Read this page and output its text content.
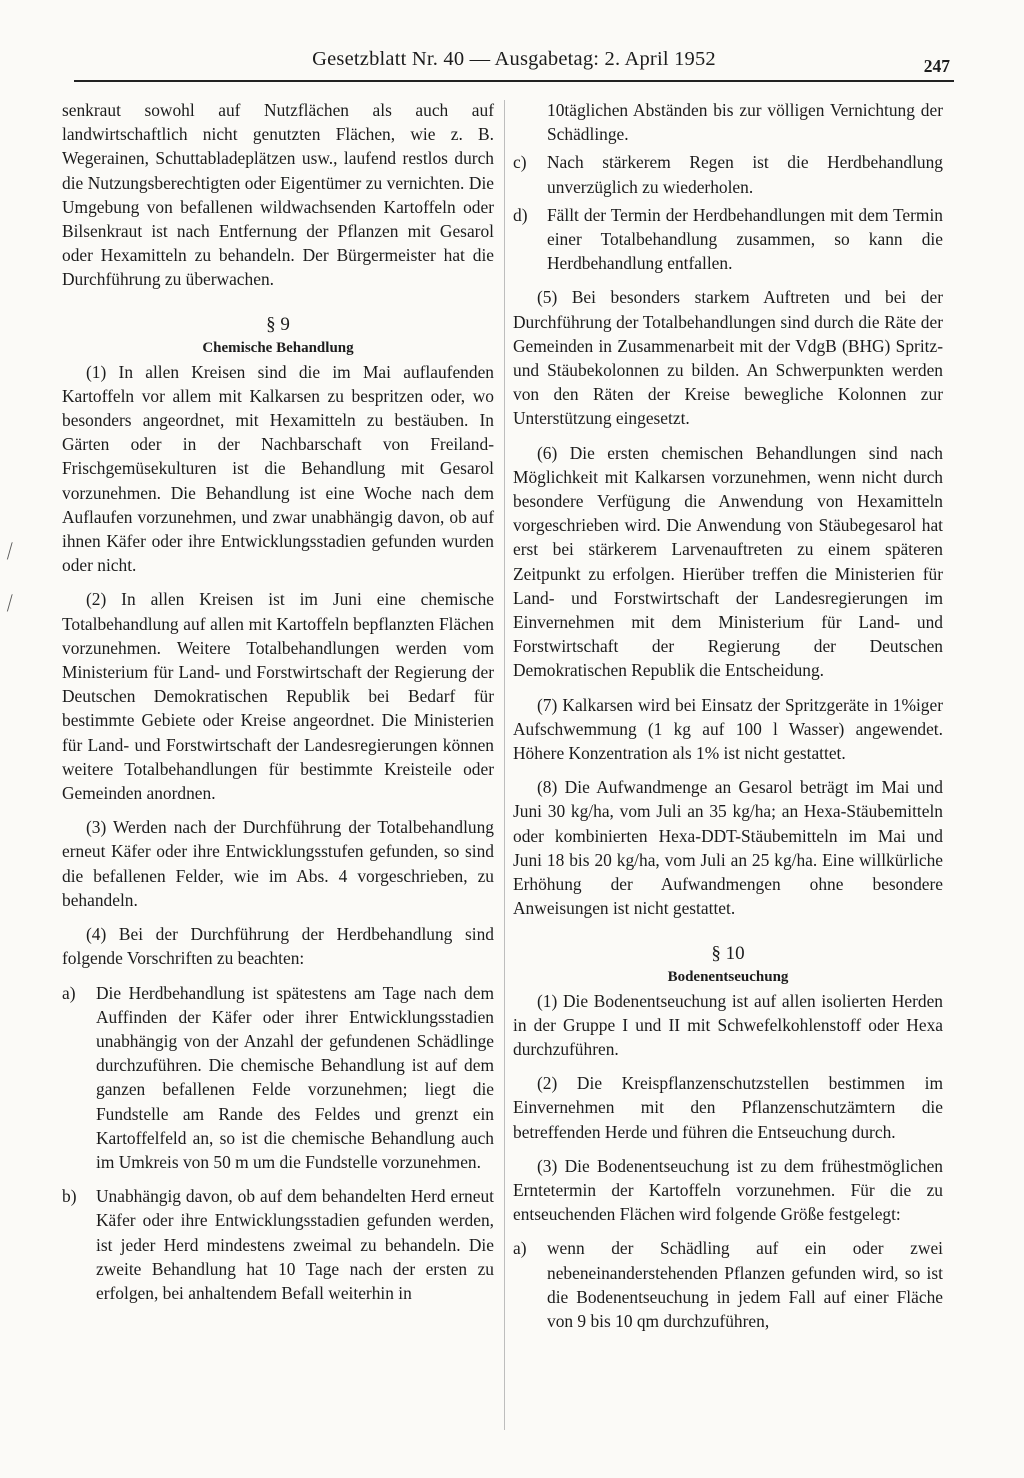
Gesetzblatt Nr. 40 — Ausgabetag: 2. April 1952	247
⁄
⁄

senkraut sowohl auf Nutzflächen als auch auf landwirtschaftlich nicht genutzten Flächen, wie z. B. Wegerainen, Schuttabladeplätzen usw., laufend restlos durch die Nutzungsberechtigten oder Eigentümer zu vernichten. Die Umgebung von befallenen wildwachsenden Kartoffeln oder Bilsenkraut ist nach Entfernung der Pflanzen mit Gesarol oder Hexamitteln zu behandeln. Der Bürgermeister hat die Durchführung zu überwachen.

§ 9
Chemische Behandlung

(1) In allen Kreisen sind die im Mai auflaufenden Kartoffeln vor allem mit Kalkarsen zu bespritzen oder, wo besonders angeordnet, mit Hexamitteln zu bestäuben. In Gärten oder in der Nachbarschaft von Freiland-Frischgemüsekulturen ist die Behandlung mit Gesarol vorzunehmen. Die Behandlung ist eine Woche nach dem Auflaufen vorzunehmen, und zwar unabhängig davon, ob auf ihnen Käfer oder ihre Entwicklungsstadien gefunden wurden oder nicht.

(2) In allen Kreisen ist im Juni eine chemische Totalbehandlung auf allen mit Kartoffeln bepflanzten Flächen vorzunehmen. Weitere Totalbehandlungen werden vom Ministerium für Land- und Forstwirtschaft der Regierung der Deutschen Demokratischen Republik bei Bedarf für bestimmte Gebiete oder Kreise angeordnet. Die Ministerien für Land- und Forstwirtschaft der Landesregierungen können weitere Totalbehandlungen für bestimmte Kreisteile oder Gemeinden anordnen.

(3) Werden nach der Durchführung der Totalbehandlung erneut Käfer oder ihre Entwicklungsstufen gefunden, so sind die befallenen Felder, wie im Abs. 4 vorgeschrieben, zu behandeln.

(4) Bei der Durchführung der Herdbehandlung sind folgende Vorschriften zu beachten:

a) Die Herdbehandlung ist spätestens am Tage nach dem Auffinden der Käfer oder ihrer Entwicklungsstadien unabhängig von der Anzahl der gefundenen Schädlinge durchzuführen. Die chemische Behandlung ist auf dem ganzen befallenen Felde vorzunehmen; liegt die Fundstelle am Rande des Feldes und grenzt ein Kartoffelfeld an, so ist die chemische Behandlung auch im Umkreis von 50 m um die Fundstelle vorzunehmen.
b) Unabhängig davon, ob auf dem behandelten Herd erneut Käfer oder ihre Entwicklungsstadien gefunden werden, ist jeder Herd mindestens zweimal zu behandeln. Die zweite Behandlung hat 10 Tage nach der ersten zu erfolgen, bei anhaltendem Befall weiterhin in
10täglichen Abständen bis zur völligen Vernichtung der Schädlinge.
c) Nach stärkerem Regen ist die Herdbehandlung unverzüglich zu wiederholen.
d) Fällt der Termin der Herdbehandlungen mit dem Termin einer Totalbehandlung zusammen, so kann die Herdbehandlung entfallen.

(5) Bei besonders starkem Auftreten und bei der Durchführung der Totalbehandlungen sind durch die Räte der Gemeinden in Zusammenarbeit mit der VdgB (BHG) Spritz- und Stäubekolonnen zu bilden. An Schwerpunkten werden von den Räten der Kreise bewegliche Kolonnen zur Unterstützung eingesetzt.

(6) Die ersten chemischen Behandlungen sind nach Möglichkeit mit Kalkarsen vorzunehmen, wenn nicht durch besondere Verfügung die Anwendung von Hexamitteln vorgeschrieben wird. Die Anwendung von Stäubegesarol hat erst bei stärkerem Larvenauftreten zu einem späteren Zeitpunkt zu erfolgen. Hierüber treffen die Ministerien für Land- und Forstwirtschaft der Landesregierungen im Einvernehmen mit dem Ministerium für Land- und Forstwirtschaft der Regierung der Deutschen Demokratischen Republik die Entscheidung.

(7) Kalkarsen wird bei Einsatz der Spritzgeräte in 1%iger Aufschwemmung (1 kg auf 100 l Wasser) angewendet. Höhere Konzentration als 1% ist nicht gestattet.

(8) Die Aufwandmenge an Gesarol beträgt im Mai und Juni 30 kg/ha, vom Juli an 35 kg/ha; an Hexa-Stäubemitteln oder kombinierten Hexa-DDT-Stäubemitteln im Mai und Juni 18 bis 20 kg/ha, vom Juli an 25 kg/ha. Eine willkürliche Erhöhung der Aufwandmengen ohne besondere Anweisungen ist nicht gestattet.

§ 10
Bodenentseuchung

(1) Die Bodenentseuchung ist auf allen isolierten Herden in der Gruppe I und II mit Schwefelkohlenstoff oder Hexa durchzuführen.

(2) Die Kreispflanzenschutzstellen bestimmen im Einvernehmen mit den Pflanzenschutzämtern die betreffenden Herde und führen die Entseuchung durch.

(3) Die Bodenentseuchung ist zu dem frühestmöglichen Erntetermin der Kartoffeln vorzunehmen. Für die zu entseuchenden Flächen wird folgende Größe festgelegt:

a) wenn der Schädling auf ein oder zwei nebeneinanderstehenden Pflanzen gefunden wird, so ist die Bodenentseuchung in jedem Fall auf einer Fläche von 9 bis 10 qm durchzuführen,
